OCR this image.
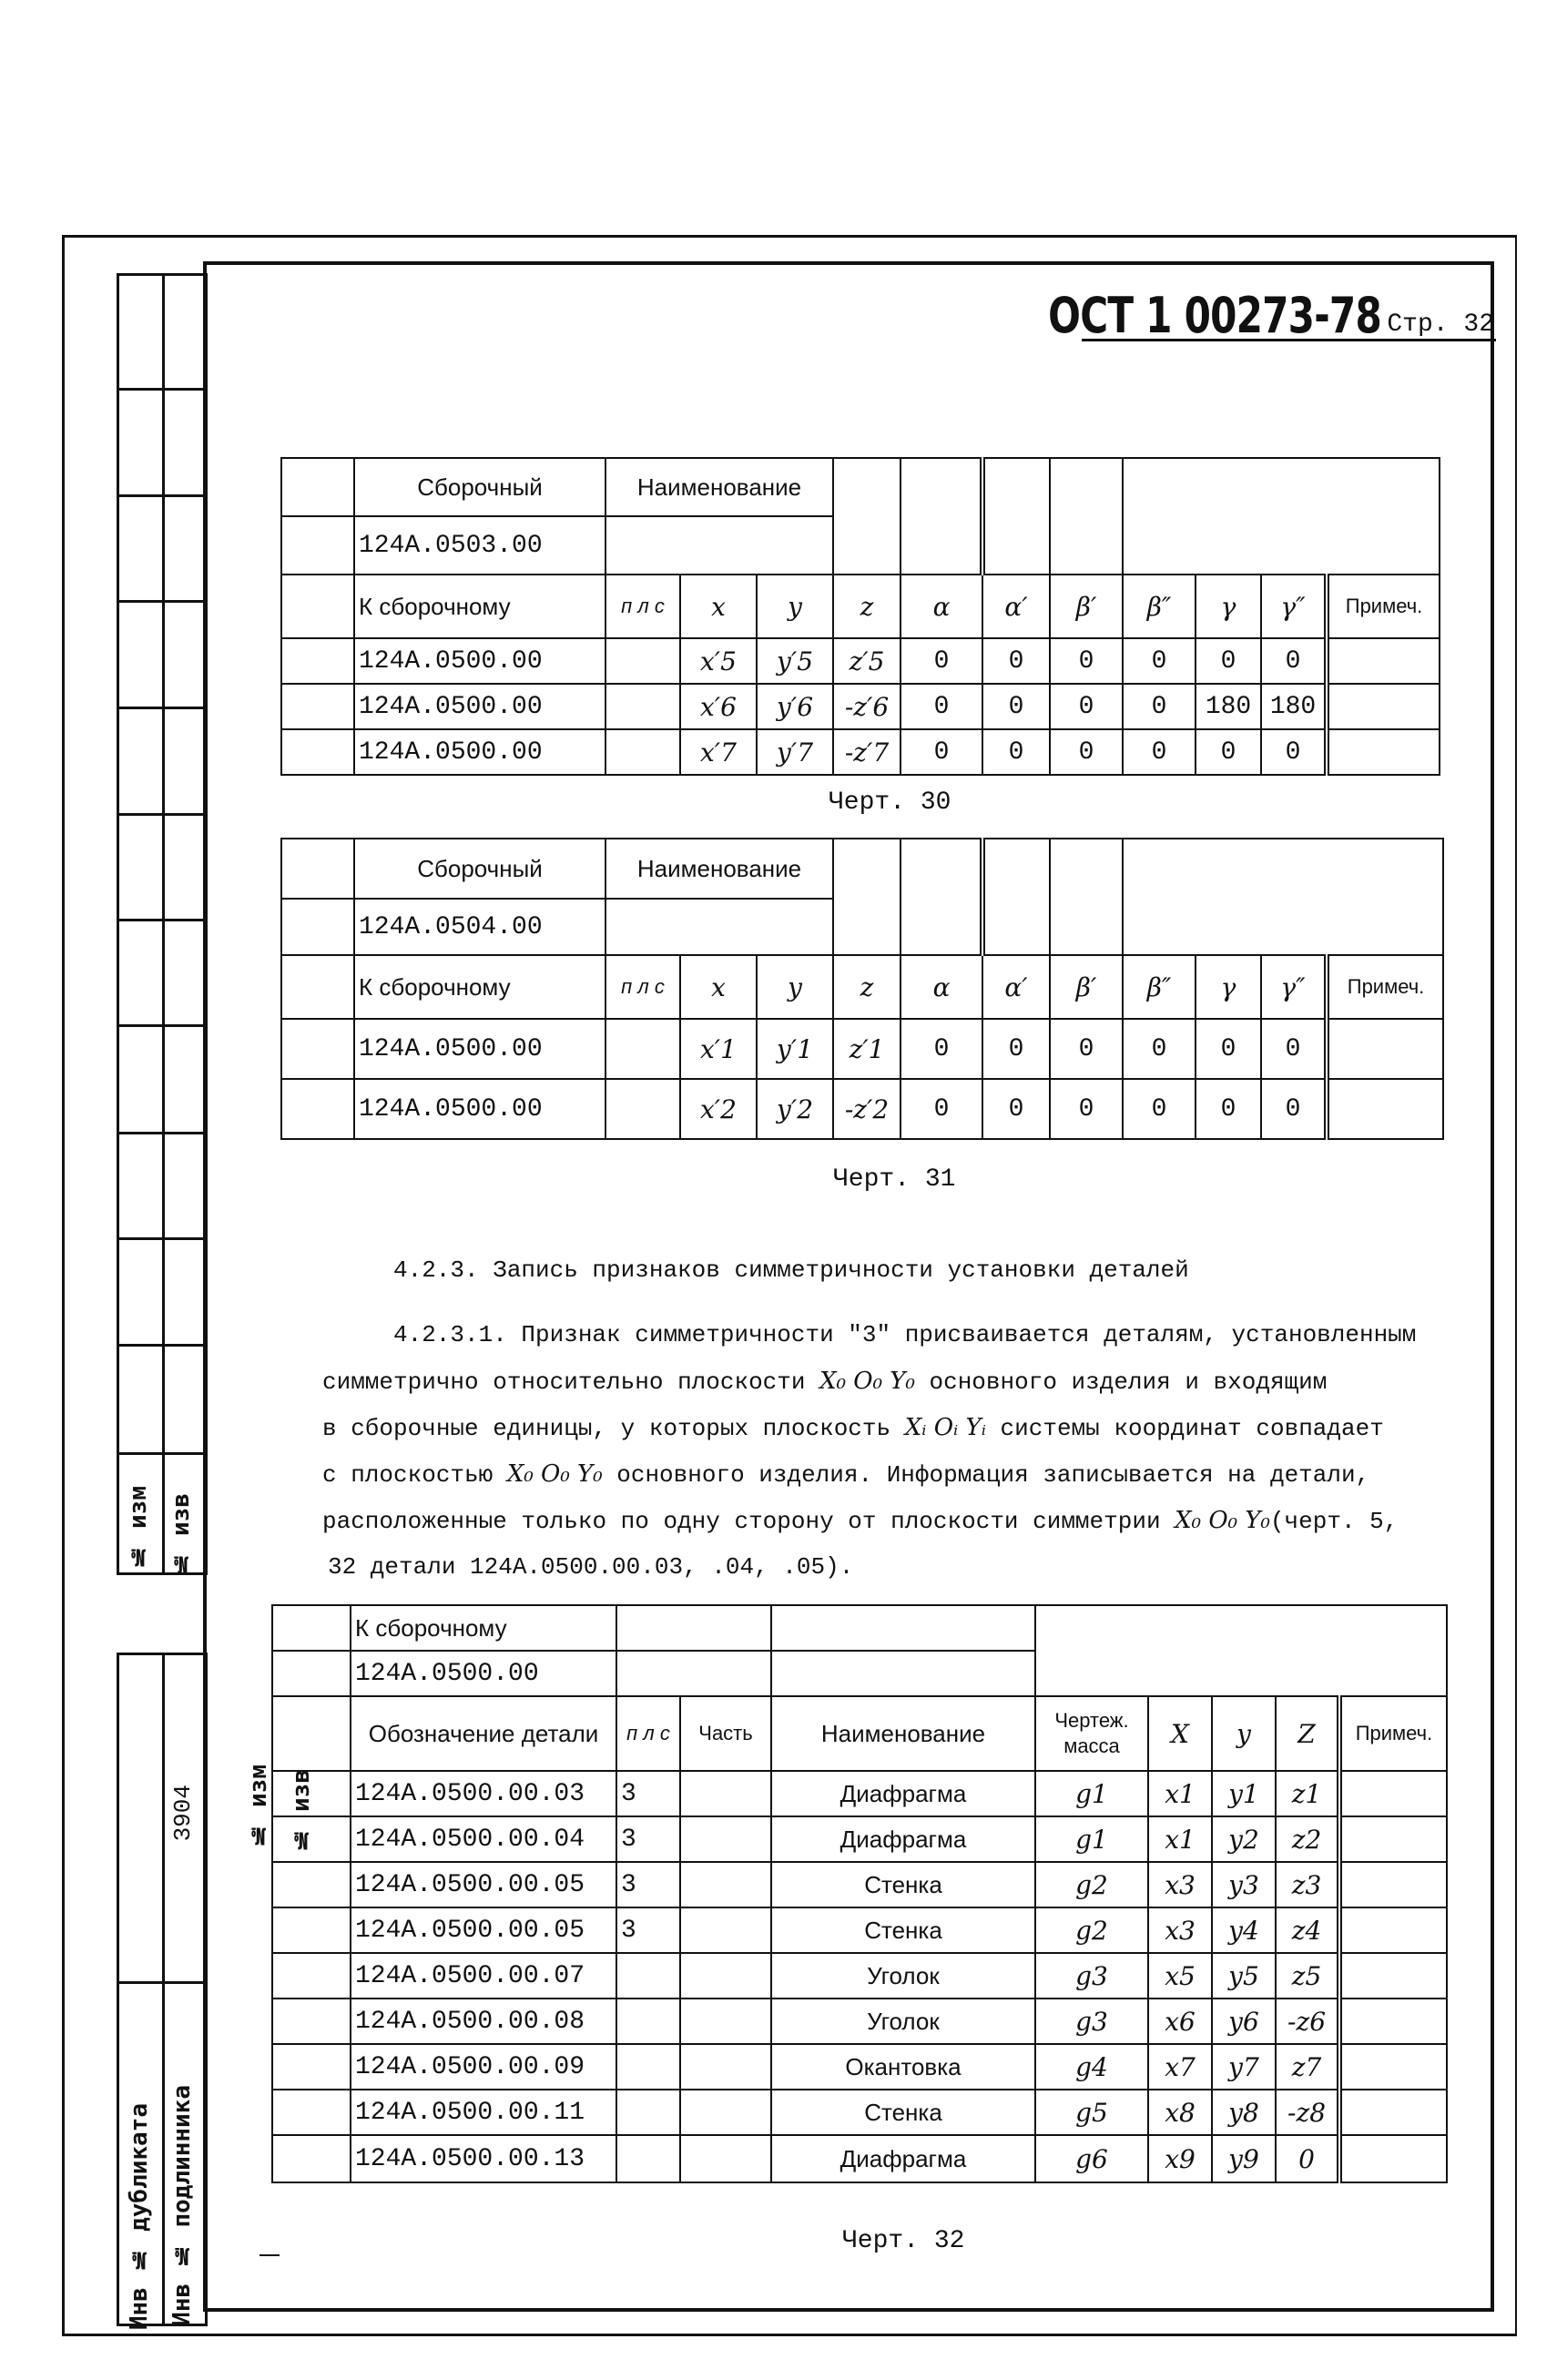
№ изм № изв
№ изм № изв
3904
Инв № дубликата Инв № подлинника
ОСТ 1 00273-78 Стр. 32
	Сборочный	Наименование										
	124А.0503.00											
	К сборочному	п л с	x	y	z	α	α′	β′	β″	γ	γ″	Примеч.
	124А.0500.00		x′5	y′5	z′5	0	0	0	0	0	0	
	124А.0500.00		x′6	y′6	-z′6	0	0	0	0	180	180	
	124А.0500.00		x′7	y′7	-z′7	0	0	0	0	0	0	
Черт. 30
	Сборочный	Наименование										
	124А.0504.00											
	К сборочному	п л с	x	y	z	α	α′	β′	β″	γ	γ″	Примеч.
	124А.0500.00		x′1	y′1	z′1	0	0	0	0	0	0	
	124А.0500.00		x′2	y′2	-z′2	0	0	0	0	0	0	
Черт. 31
4.2.3. Запись признаков симметричности установки деталей
4.2.3.1. Признак симметричности "3" присваивается деталям, установленным
симметрично относительно плоскости X₀ O₀ Y₀ основного изделия и входящим
в сборочные единицы, у которых плоскость Xᵢ Oᵢ Yᵢ системы координат совпадает
с плоскостью X₀ O₀ Y₀ основного изделия. Информация записывается на детали,
расположенные только по одну сторону от плоскости симметрии X₀ O₀ Y₀(черт. 5,
32 детали 124А.0500.00.03, .04, .05).
	К сборочному								
	124А.0500.00								
	Обозначение детали	п л с	Часть	Наименование	Чертеж. масса	X	y	Z	Примеч.
	124А.0500.00.03	3		Диафрагма	g1	x1	y1	z1	
	124А.0500.00.04	3		Диафрагма	g1	x1	y2	z2	
	124А.0500.00.05	3		Стенка	g2	x3	y3	z3	
	124А.0500.00.05	3		Стенка	g2	x3	y4	z4	
	124А.0500.00.07			Уголок	g3	x5	y5	z5	
	124А.0500.00.08			Уголок	g3	x6	y6	-z6	
	124А.0500.00.09			Окантовка	g4	x7	y7	z7	
	124А.0500.00.11			Стенка	g5	x8	y8	-z8	
	124А.0500.00.13			Диафрагма	g6	x9	y9	0	
Черт. 32
